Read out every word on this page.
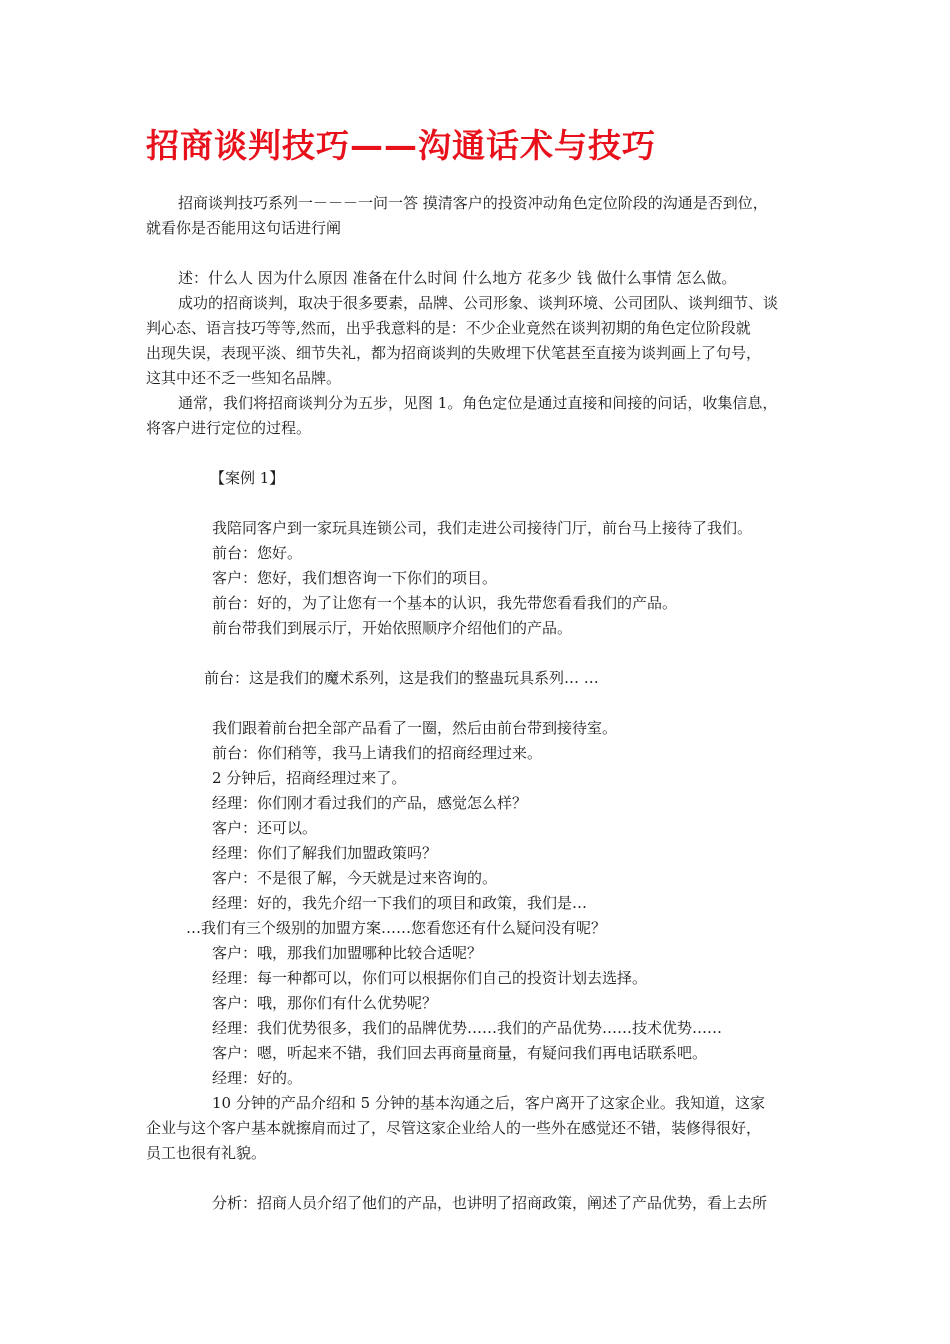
招商谈判技巧——沟通话术与技巧
招商谈判技巧系列一－－－一问一答 摸清客户的投资冲动角色定位阶段的沟通是否到位，
就看你是否能用这句话进行阐
述：什么人 因为什么原因 准备在什么时间 什么地方 花多少 钱 做什么事情 怎么做。
成功的招商谈判，取决于很多要素，品牌、公司形象、谈判环境、公司团队、谈判细节、谈
判心态、语言技巧等等,然而，出乎我意料的是：不少企业竟然在谈判初期的角色定位阶段就
出现失误，表现平淡、细节失礼，都为招商谈判的失败埋下伏笔甚至直接为谈判画上了句号，
这其中还不乏一些知名品牌。
通常，我们将招商谈判分为五步，见图 1。角色定位是通过直接和间接的问话，收集信息，
将客户进行定位的过程。
【案例 1】
我陪同客户到一家玩具连锁公司，我们走进公司接待门厅，前台马上接待了我们。
前台：您好。
客户：您好，我们想咨询一下你们的项目。
前台：好的，为了让您有一个基本的认识，我先带您看看我们的产品。
前台带我们到展示厅，开始依照顺序介绍他们的产品。
前台：这是我们的魔术系列，这是我们的整蛊玩具系列… …
我们跟着前台把全部产品看了一圈，然后由前台带到接待室。
前台：你们稍等，我马上请我们的招商经理过来。
2 分钟后，招商经理过来了。
经理：你们刚才看过我们的产品，感觉怎么样？
客户：还可以。
经理：你们了解我们加盟政策吗？
客户：不是很了解，今天就是过来咨询的。
经理：好的，我先介绍一下我们的项目和政策，我们是…
…我们有三个级别的加盟方案……您看您还有什么疑问没有呢？
客户：哦，那我们加盟哪种比较合适呢？
经理：每一种都可以，你们可以根据你们自己的投资计划去选择。
客户：哦，那你们有什么优势呢？
经理：我们优势很多，我们的品牌优势……我们的产品优势……技术优势……
客户：嗯，听起来不错，我们回去再商量商量，有疑问我们再电话联系吧。
经理：好的。
10 分钟的产品介绍和 5 分钟的基本沟通之后，客户离开了这家企业。我知道，这家
企业与这个客户基本就擦肩而过了，尽管这家企业给人的一些外在感觉还不错，装修得很好，
员工也很有礼貌。
分析：招商人员介绍了他们的产品，也讲明了招商政策，阐述了产品优势，看上去所
